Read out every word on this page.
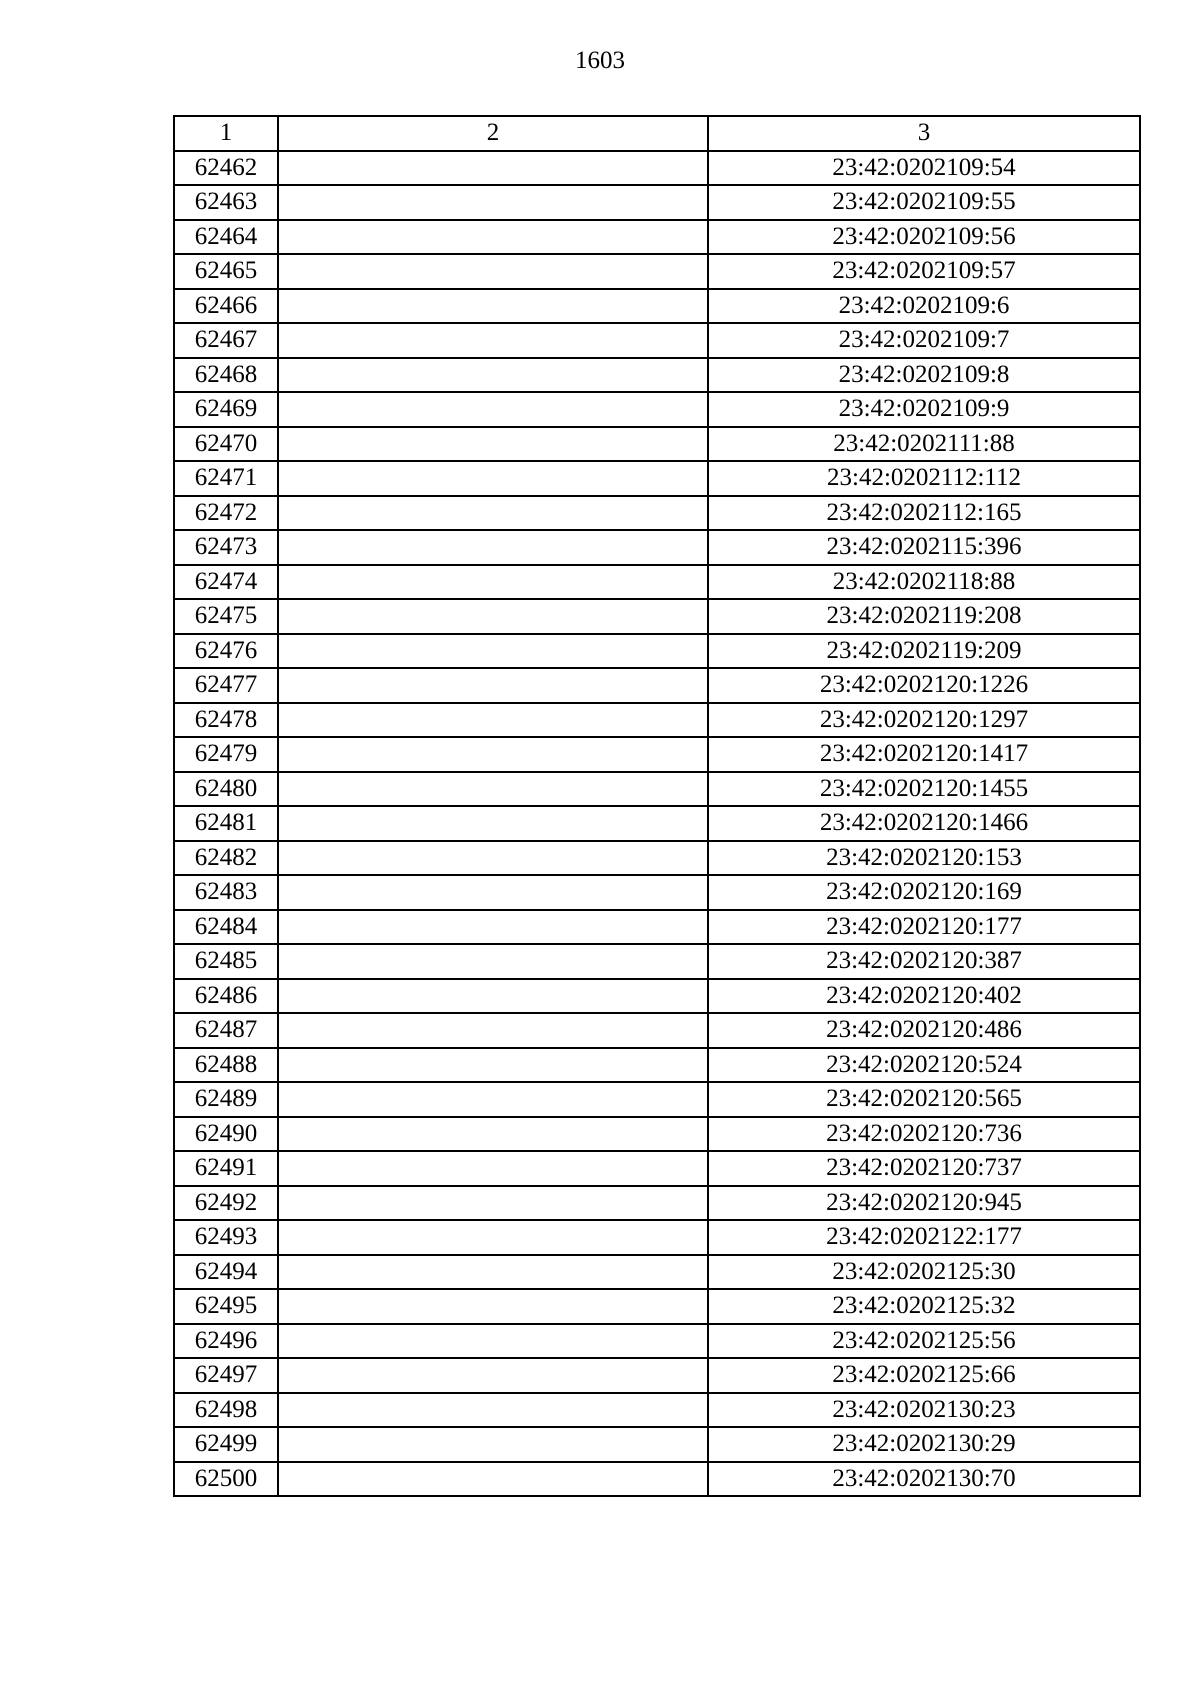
1603
1	2	3
62462		23:42:0202109:54
62463		23:42:0202109:55
62464		23:42:0202109:56
62465		23:42:0202109:57
62466		23:42:0202109:6
62467		23:42:0202109:7
62468		23:42:0202109:8
62469		23:42:0202109:9
62470		23:42:0202111:88
62471		23:42:0202112:112
62472		23:42:0202112:165
62473		23:42:0202115:396
62474		23:42:0202118:88
62475		23:42:0202119:208
62476		23:42:0202119:209
62477		23:42:0202120:1226
62478		23:42:0202120:1297
62479		23:42:0202120:1417
62480		23:42:0202120:1455
62481		23:42:0202120:1466
62482		23:42:0202120:153
62483		23:42:0202120:169
62484		23:42:0202120:177
62485		23:42:0202120:387
62486		23:42:0202120:402
62487		23:42:0202120:486
62488		23:42:0202120:524
62489		23:42:0202120:565
62490		23:42:0202120:736
62491		23:42:0202120:737
62492		23:42:0202120:945
62493		23:42:0202122:177
62494		23:42:0202125:30
62495		23:42:0202125:32
62496		23:42:0202125:56
62497		23:42:0202125:66
62498		23:42:0202130:23
62499		23:42:0202130:29
62500		23:42:0202130:70
